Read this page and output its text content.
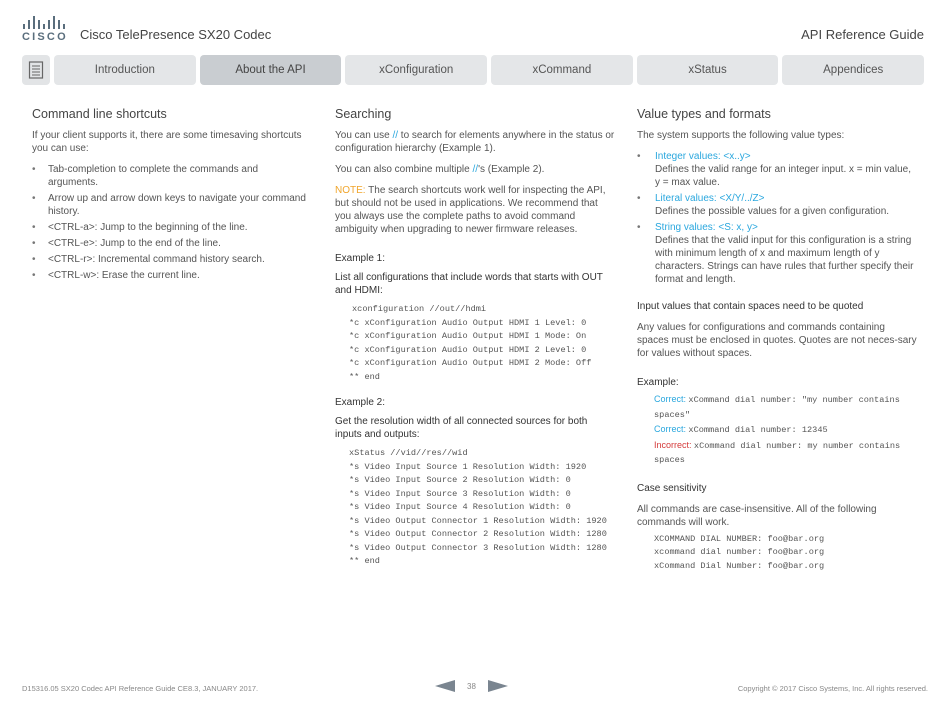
CISCO Cisco TelePresence SX20 Codec	API Reference Guide
Introduction	About the API	xConfiguration	xCommand	xStatus	Appendices
Command line shortcuts

If your client supports it, there are some timesaving shortcuts you can use:

• Tab-completion to complete the commands and arguments.
• Arrow up and arrow down keys to navigate your command history.
• <CTRL-a>: Jump to the beginning of the line.
• <CTRL-e>: Jump to the end of the line.
• <CTRL-r>: Incremental command history search.
• <CTRL-w>: Erase the current line.
Searching

You can use // to search for elements anywhere in the status or configuration hierarchy (Example 1).

You can also combine multiple //'s (Example 2).

NOTE: The search shortcuts work well for inspecting the API, but should not be used in applications. We recommend that you always use the complete paths to avoid command ambiguity when upgrading to newer firmware releases.

Example 1:
List all configurations that include words that starts with OUT and HDMI:
xconfiguration //out//hdmi
*c xConfiguration Audio Output HDMI 1 Level: 0
*c xConfiguration Audio Output HDMI 1 Mode: On
*c xConfiguration Audio Output HDMI 2 Level: 0
*c xConfiguration Audio Output HDMI 2 Mode: Off
** end
Example 2:
Get the resolution width of all connected sources for both inputs and outputs:
xStatus //vid//res//wid
*s Video Input Source 1 Resolution Width: 1920
*s Video Input Source 2 Resolution Width: 0
*s Video Input Source 3 Resolution Width: 0
*s Video Input Source 4 Resolution Width: 0
*s Video Output Connector 1 Resolution Width: 1920
*s Video Output Connector 2 Resolution Width: 1280
*s Video Output Connector 3 Resolution Width: 1280
** end
Value types and formats

The system supports the following value types:

• Integer values: <x..y>
Defines the valid range for an integer input. x = min value, y = max value.
• Literal values: <X/Y/../Z>
Defines the possible values for a given configuration.
• String values: <S: x, y>
Defines that the valid input for this configuration is a string with minimum length of x and maximum length of y characters. Strings can have rules that further specify their format and length.
Input values that contain spaces need to be quoted

Any values for configurations and commands containing spaces must be enclosed in quotes. Quotes are not neces-sary for values without spaces.

Example:
Correct: xCommand dial number: "my number contains spaces"
Correct: xCommand dial number: 12345
Incorrect: xCommand dial number: my number contains spaces
Case sensitivity

All commands are case-insensitive. All of the following commands will work.

XCOMMAND DIAL NUMBER: foo@bar.org
xcommand dial number: foo@bar.org
xCommand Dial Number: foo@bar.org
D15316.05 SX20 Codec API Reference Guide CE8.3, JANUARY 2017.	38	Copyright © 2017 Cisco Systems, Inc. All rights reserved.
